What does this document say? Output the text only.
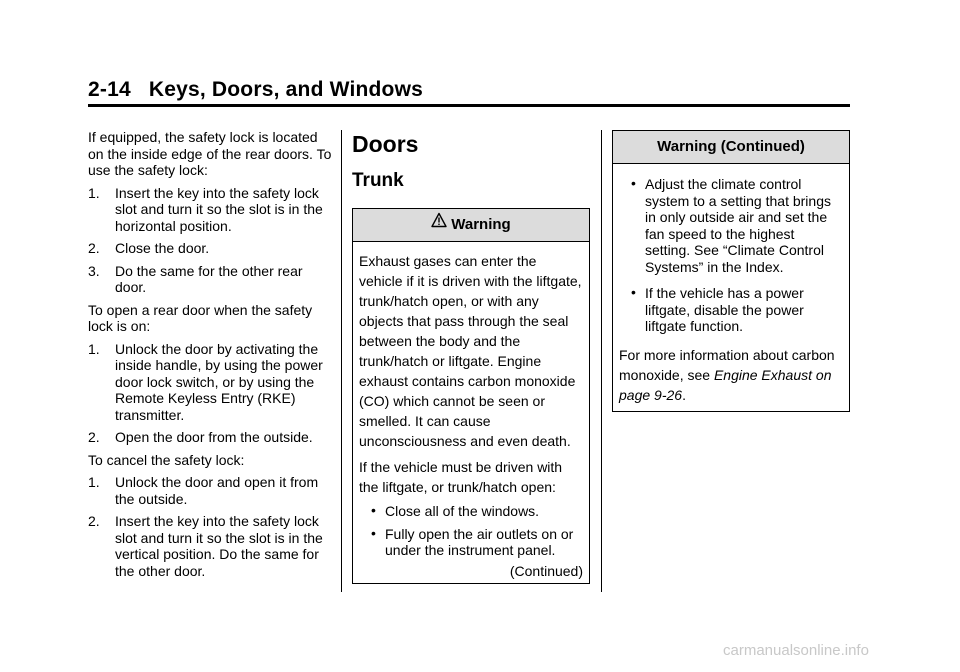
2-14 Keys, Doors, and Windows

If equipped, the safety lock is located on the inside edge of the rear doors. To use the safety lock:

1. Insert the key into the safety lock slot and turn it so the slot is in the horizontal position.
2. Close the door.
3. Do the same for the other rear door.

To open a rear door when the safety lock is on:

1. Unlock the door by activating the inside handle, by using the power door lock switch, or by using the Remote Keyless Entry (RKE) transmitter.
2. Open the door from the outside.

To cancel the safety lock:

1. Unlock the door and open it from the outside.
2. Insert the key into the safety lock slot and turn it so the slot is in the vertical position. Do the same for the other door.
Doors
Trunk
Warning

Exhaust gases can enter the vehicle if it is driven with the liftgate, trunk/hatch open, or with any objects that pass through the seal between the body and the trunk/hatch or liftgate. Engine exhaust contains carbon monoxide (CO) which cannot be seen or smelled. It can cause unconsciousness and even death.

If the vehicle must be driven with the liftgate, or trunk/hatch open:

• Close all of the windows.
• Fully open the air outlets on or under the instrument panel.
(Continued)
Warning (Continued)
• Adjust the climate control system to a setting that brings in only outside air and set the fan speed to the highest setting. See “Climate Control Systems” in the Index.
• If the vehicle has a power liftgate, disable the power liftgate function.

For more information about carbon monoxide, see Engine Exhaust on page 9-26.

carmanualsonline.info
